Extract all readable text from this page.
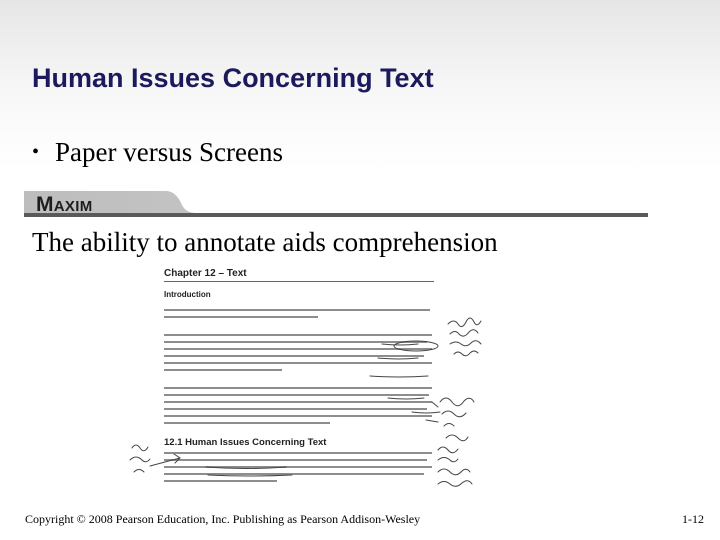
Human Issues Concerning Text
• Paper versus Screens
M AXIM
The ability to annotate aids comprehension
Chapter 12 – Text
Introduction
12.1 Human Issues Concerning Text
Copyright © 2008 Pearson Education, Inc. Publishing as Pearson Addison-Wesley	1-12
